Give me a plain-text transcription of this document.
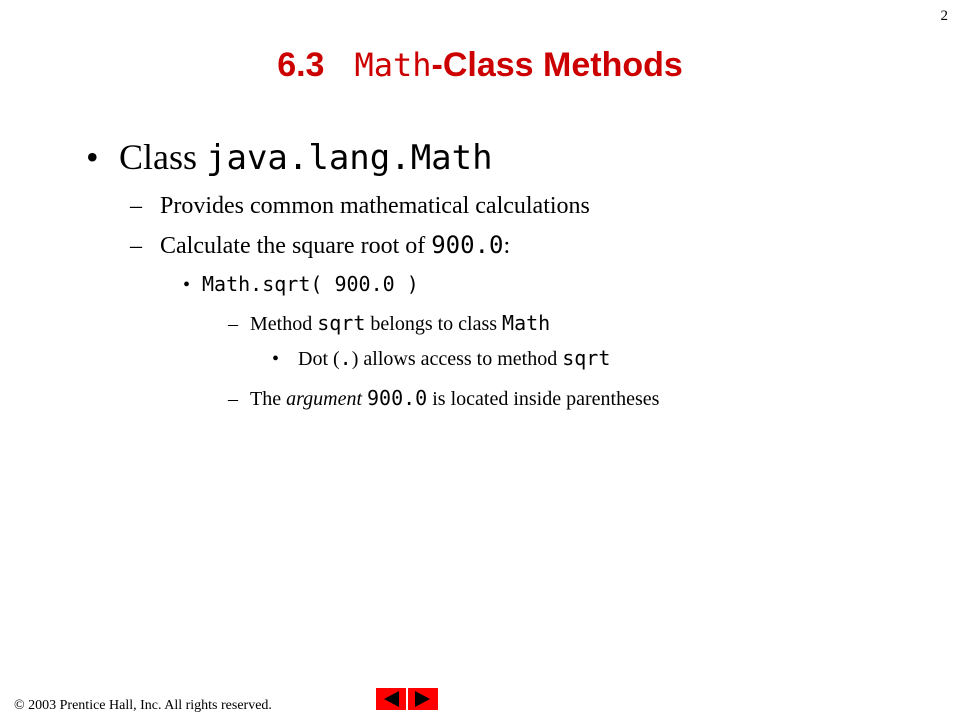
2
6.3 Math-Class Methods
• Class java.lang.Math
– Provides common mathematical calculations
– Calculate the square root of 900.0:
• Math.sqrt( 900.0 )
– Method sqrt belongs to class Math
• Dot (.) allows access to method sqrt
– The argument 900.0 is located inside parentheses
© 2003 Prentice Hall, Inc. All rights reserved.
